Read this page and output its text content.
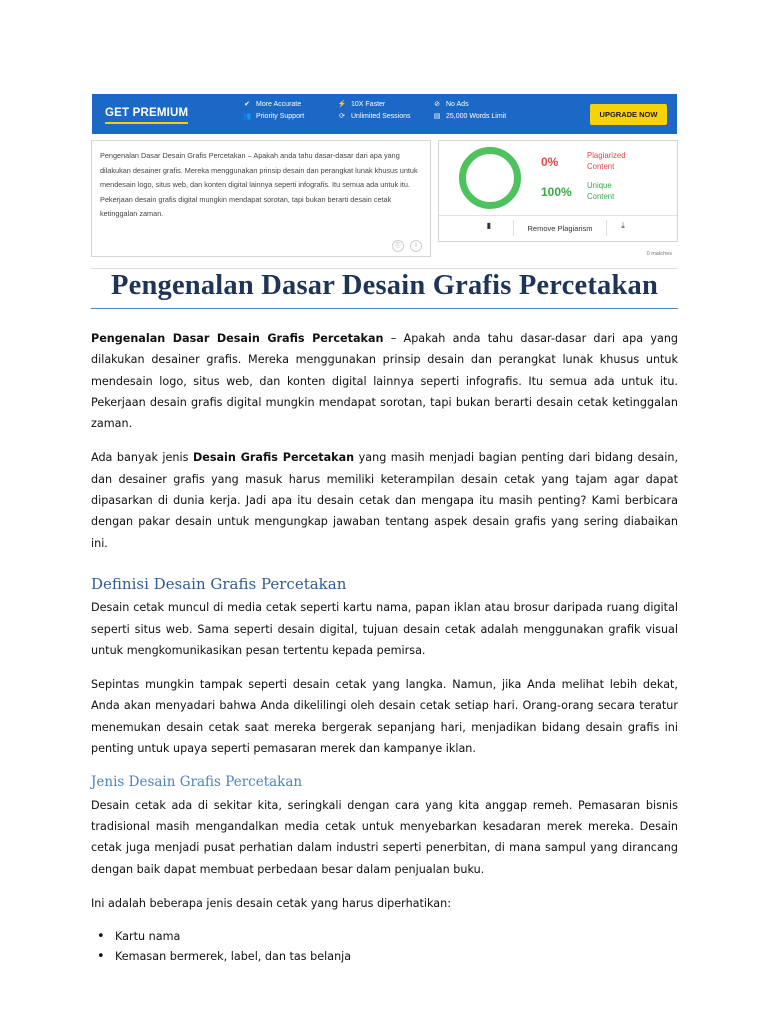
GET PREMIUM
✔ More Accurate	⚡ 10X Faster	⊘ No Ads
👥 Priority Support	⟳ Unlimited Sessions	▤ 25,000 Words Limit	UPGRADE NOW

Pengenalan Dasar Desain Grafis Percetakan – Apakah anda tahu dasar-dasar dari apa yang dilakukan desainer grafis. Mereka menggunakan prinsip desain dan perangkat lunak khusus untuk mendesain logo, situs web, dan konten digital lainnya seperti infografis. Itu semua ada untuk itu. Pekerjaan desain grafis digital mungkin mendapat sorotan, tapi bukan berarti desain cetak ketinggalan zaman.

⎘	⇩
0%	Plagiarized
Content
100% Unique
Content
▮	Remove Plagiarism	⤓
0 matches
Pengenalan Dasar Desain Grafis Percetakan

Pengenalan Dasar Desain Grafis Percetakan – Apakah anda tahu dasar-dasar dari apa yang dilakukan desainer grafis. Mereka menggunakan prinsip desain dan perangkat lunak khusus untuk mendesain logo, situs web, dan konten digital lainnya seperti infografis. Itu semua ada untuk itu. Pekerjaan desain grafis digital mungkin mendapat sorotan, tapi bukan berarti desain cetak ketinggalan zaman.

Ada banyak jenis Desain Grafis Percetakan yang masih menjadi bagian penting dari bidang desain, dan desainer grafis yang masuk harus memiliki keterampilan desain cetak yang tajam agar dapat dipasarkan di dunia kerja. Jadi apa itu desain cetak dan mengapa itu masih penting? Kami berbicara dengan pakar desain untuk mengungkap jawaban tentang aspek desain grafis yang sering diabaikan ini.

Definisi Desain Grafis Percetakan

Desain cetak muncul di media cetak seperti kartu nama, papan iklan atau brosur daripada ruang digital seperti situs web. Sama seperti desain digital, tujuan desain cetak adalah menggunakan grafik visual untuk mengkomunikasikan pesan tertentu kepada pemirsa.

Sepintas mungkin tampak seperti desain cetak yang langka. Namun, jika Anda melihat lebih dekat, Anda akan menyadari bahwa Anda dikelilingi oleh desain cetak setiap hari. Orang-orang secara teratur menemukan desain cetak saat mereka bergerak sepanjang hari, menjadikan bidang desain grafis ini penting untuk upaya seperti pemasaran merek dan kampanye iklan.

Jenis Desain Grafis Percetakan

Desain cetak ada di sekitar kita, seringkali dengan cara yang kita anggap remeh. Pemasaran bisnis tradisional masih mengandalkan media cetak untuk menyebarkan kesadaran merek mereka. Desain cetak juga menjadi pusat perhatian dalam industri seperti penerbitan, di mana sampul yang dirancang dengan baik dapat membuat perbedaan besar dalam penjualan buku.

Ini adalah beberapa jenis desain cetak yang harus diperhatikan:

• Kartu nama
• Kemasan bermerek, label, dan tas belanja
